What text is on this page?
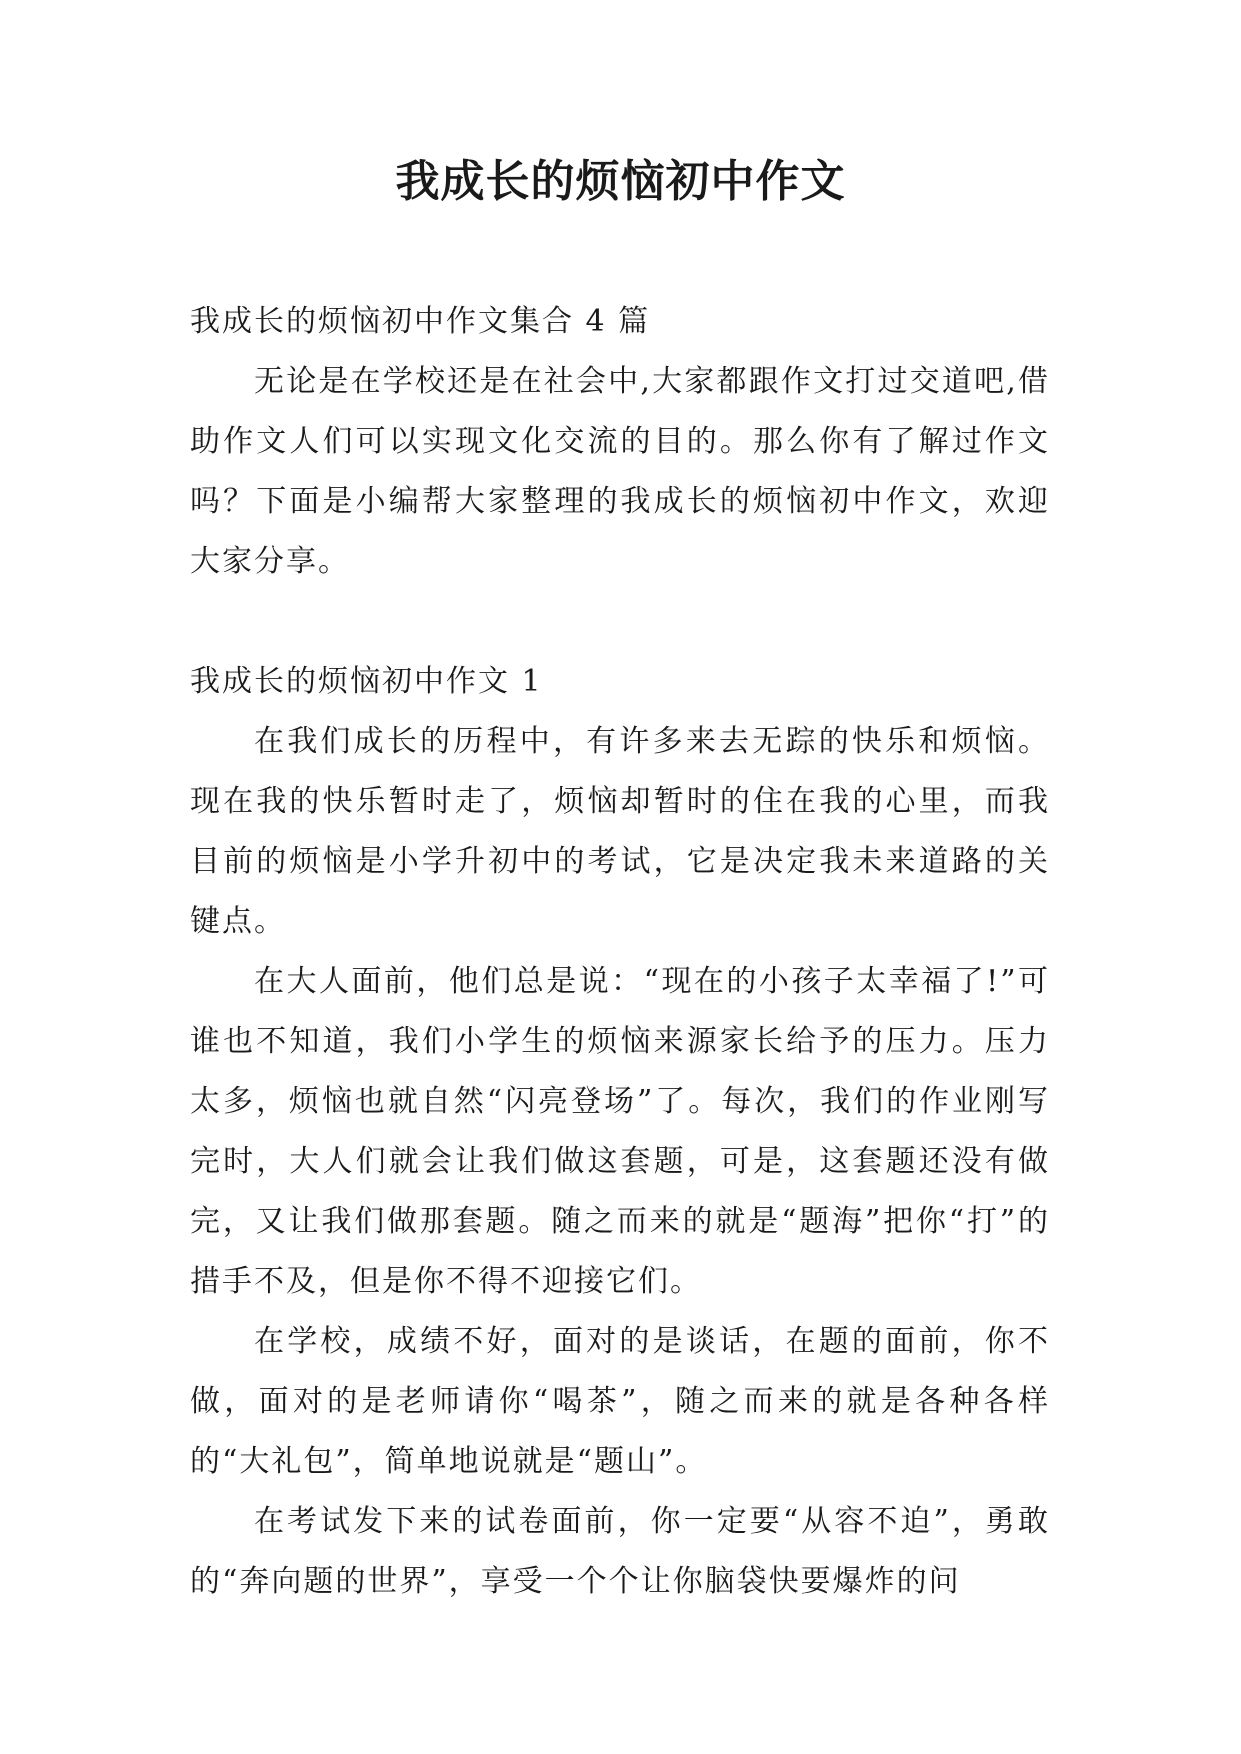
我成长的烦恼初中作文

我成长的烦恼初中作文集合 4 篇

无论是在学校还是在社会中,大家都跟作文打过交道吧,借助作文人们可以实现文化交流的目的。那么你有了解过作文吗？下面是小编帮大家整理的我成长的烦恼初中作文，欢迎大家分享。

我成长的烦恼初中作文 1

在我们成长的历程中，有许多来去无踪的快乐和烦恼。现在我的快乐暂时走了，烦恼却暂时的住在我的心里，而我目前的烦恼是小学升初中的考试，它是决定我未来道路的关键点。

在大人面前，他们总是说：“现在的小孩子太幸福了!”可谁也不知道，我们小学生的烦恼来源家长给予的压力。压力太多，烦恼也就自然“闪亮登场”了。每次，我们的作业刚写完时，大人们就会让我们做这套题，可是，这套题还没有做完，又让我们做那套题。随之而来的就是“题海”把你“打”的措手不及，但是你不得不迎接它们。

在学校，成绩不好，面对的是谈话，在题的面前，你不做，面对的是老师请你“喝茶”，随之而来的就是各种各样的“大礼包”，简单地说就是“题山”。

在考试发下来的试卷面前，你一定要“从容不迫”，勇敢的“奔向题的世界”，享受一个个让你脑袋快要爆炸的问
